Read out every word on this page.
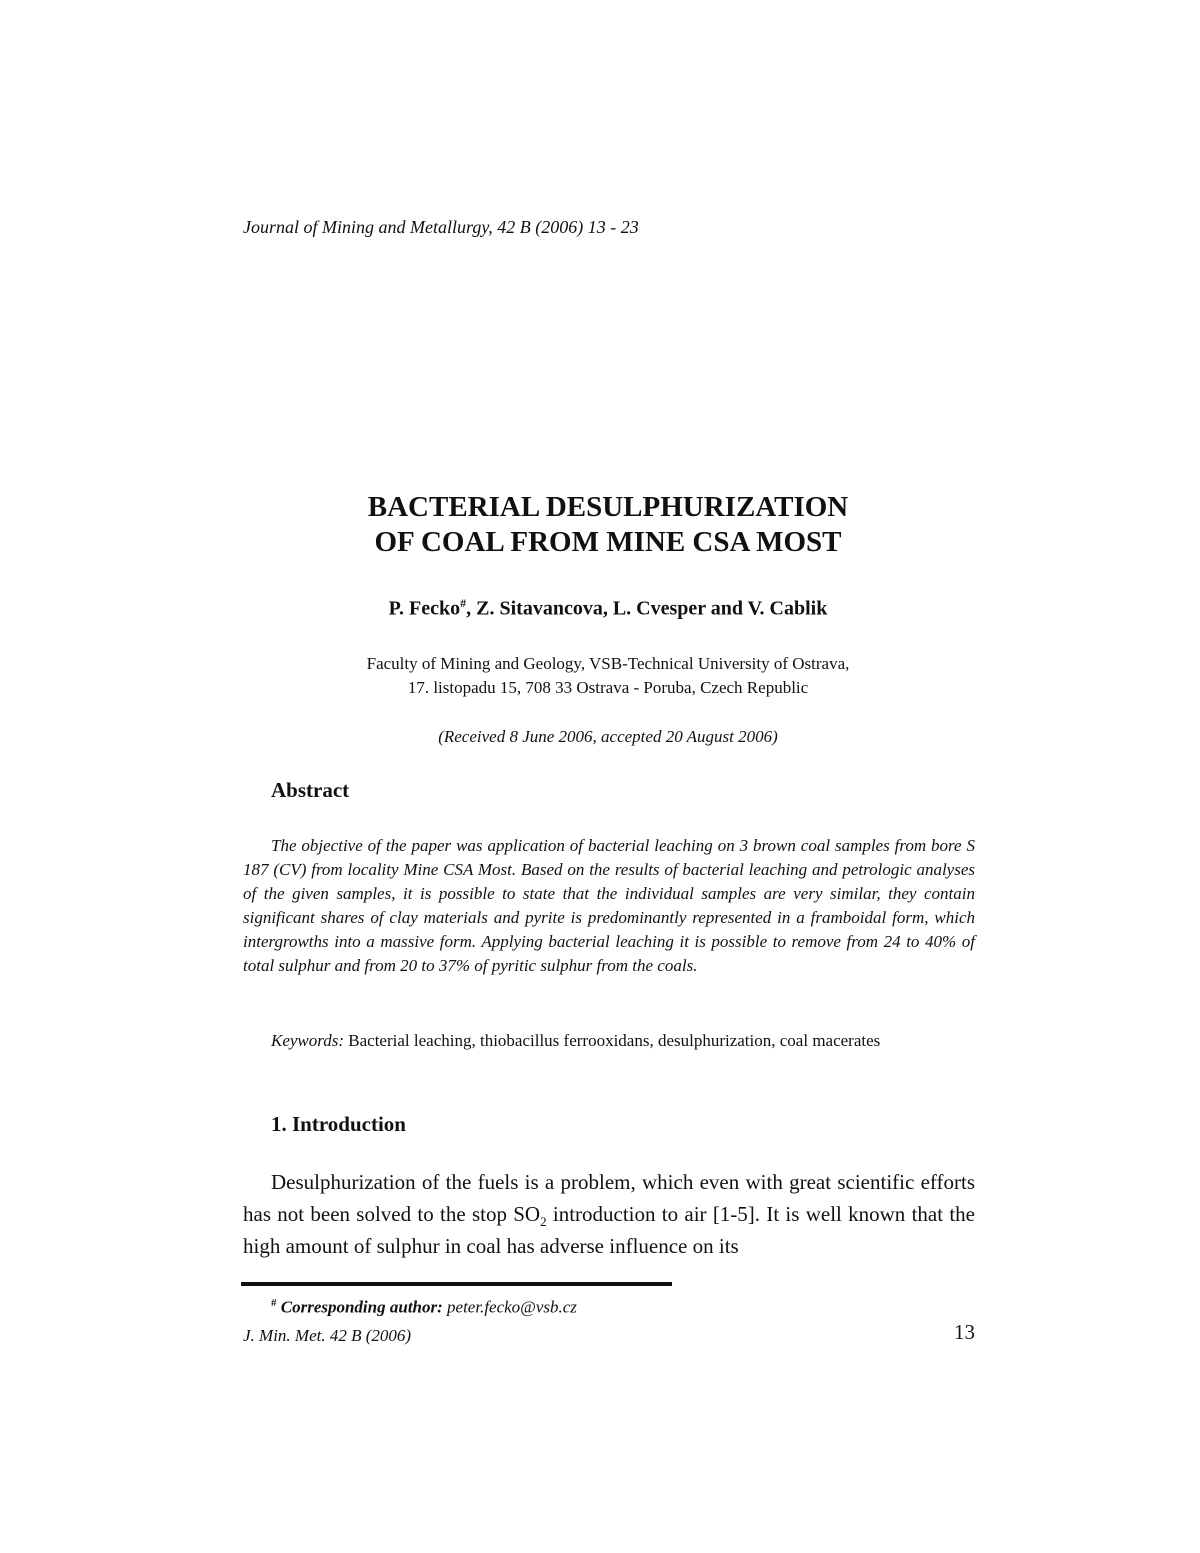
Journal of Mining and Metallurgy, 42 B (2006) 13 - 23
BACTERIAL DESULPHURIZATION
OF COAL FROM MINE CSA MOST
P. Fecko#, Z. Sitavancova, L. Cvesper and V. Cablik
Faculty of Mining and Geology, VSB-Technical University of Ostrava,
17. listopadu 15, 708 33 Ostrava - Poruba, Czech Republic
(Received 8 June 2006, accepted 20 August 2006)
Abstract

The objective of the paper was application of bacterial leaching on 3 brown coal samples from bore S 187 (CV) from locality Mine CSA Most. Based on the results of bacterial leaching and petrologic analyses of the given samples, it is possible to state that the individual samples are very similar, they contain significant shares of clay materials and pyrite is predominantly represented in a framboidal form, which intergrowths into a massive form. Applying bacterial leaching it is possible to remove from 24 to 40% of total sulphur and from 20 to 37% of pyritic sulphur from the coals.

Keywords: Bacterial leaching, thiobacillus ferrooxidans, desulphurization, coal macerates
1. Introduction

Desulphurization of the fuels is a problem, which even with great scientific efforts has not been solved to the stop $SO_2$ introduction to air [1-5]. It is well known that the high amount of sulphur in coal has adverse influence on its

# Corresponding author: peter.fecko@vsb.cz
J. Min. Met. 42 B (2006)	13
